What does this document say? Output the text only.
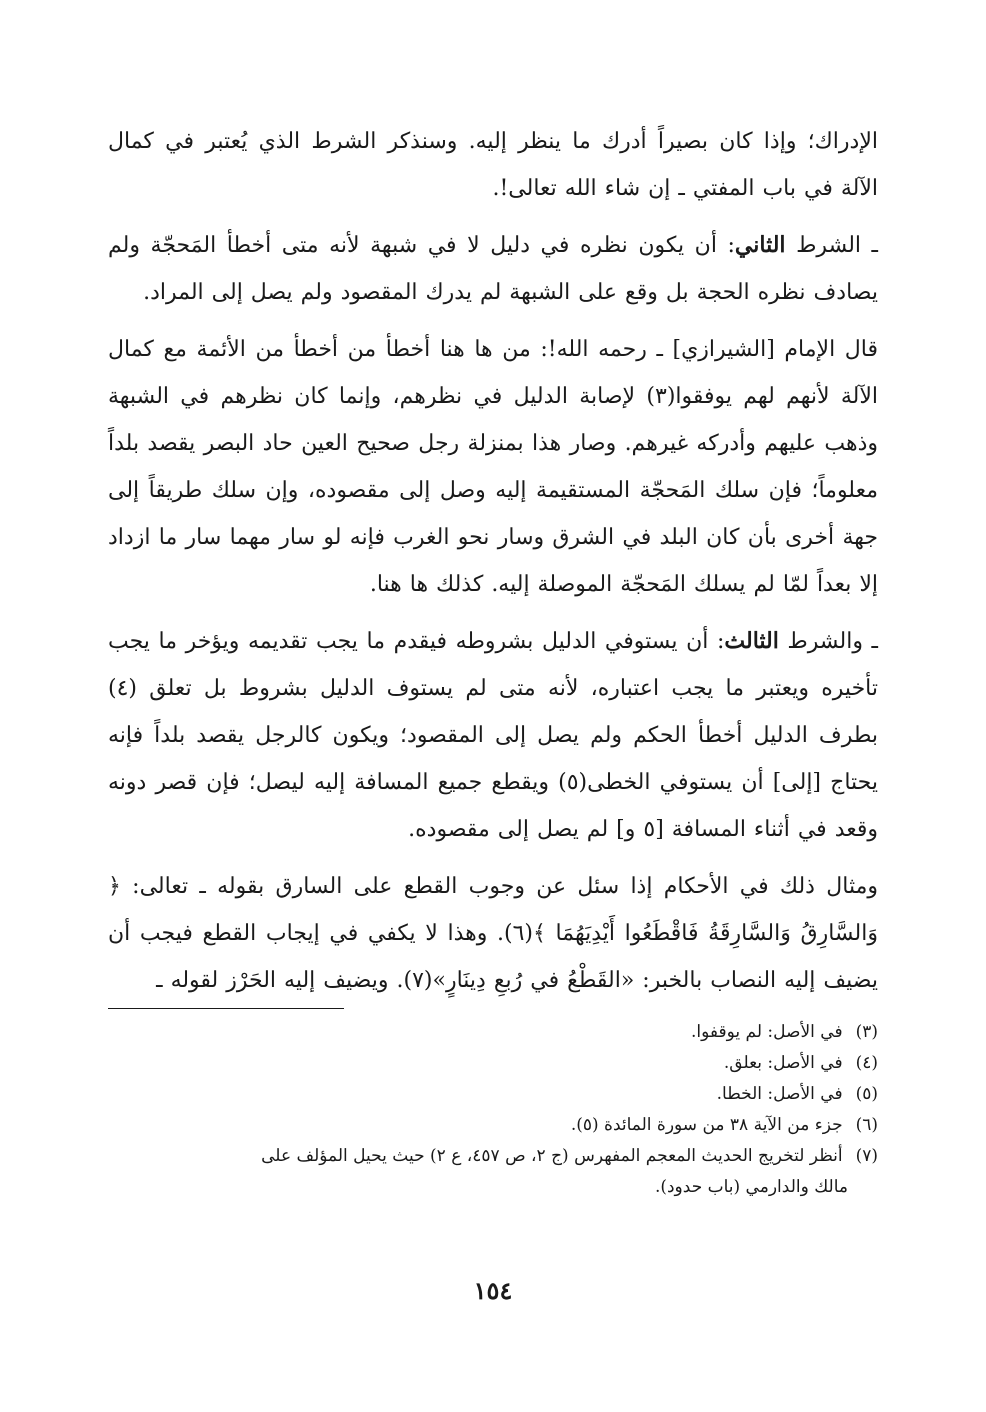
الإدراك؛ وإذا كان بصيراً أدرك ما ينظر إليه. وسنذكر الشرط الذي يُعتبر في كمال الآلة في باب المفتي ـ إن شاء الله تعالى!.

ـ الشرط الثاني: أن يكون نظره في دليل لا في شبهة لأنه متى أخطأ المَحجّة ولم يصادف نظره الحجة بل وقع على الشبهة لم يدرك المقصود ولم يصل إلى المراد.

قال الإمام [الشيرازي] ـ رحمه الله!: من ها هنا أخطأ من أخطأ من الأئمة مع كمال الآلة لأنهم لهم يوفقوا(٣) لإصابة الدليل في نظرهم، وإنما كان نظرهم في الشبهة وذهب عليهم وأدركه غيرهم. وصار هذا بمنزلة رجل صحيح العين حاد البصر يقصد بلداً معلوماً؛ فإن سلك المَحجّة المستقيمة إليه وصل إلى مقصوده، وإن سلك طريقاً إلى جهة أخرى بأن كان البلد في الشرق وسار نحو الغرب فإنه لو سار مهما سار ما ازداد إلا بعداً لمّا لم يسلك المَحجّة الموصلة إليه. كذلك ها هنا.

ـ والشرط الثالث: أن يستوفي الدليل بشروطه فيقدم ما يجب تقديمه ويؤخر ما يجب تأخيره ويعتبر ما يجب اعتباره، لأنه متى لم يستوف الدليل بشروط بل تعلق (٤) بطرف الدليل أخطأ الحكم ولم يصل إلى المقصود؛ ويكون كالرجل يقصد بلداً فإنه يحتاج [إلى] أن يستوفي الخطى(٥) ويقطع جميع المسافة إليه ليصل؛ فإن قصر دونه وقعد في أثناء المسافة [٥ و] لم يصل إلى مقصوده.

ومثال ذلك في الأحكام إذا سئل عن وجوب القطع على السارق بقوله ـ تعالى: ﴿ وَالسَّارِقُ وَالسَّارِقَةُ فَاقْطَعُوا أَيْدِيَهُمَا ﴾(٦). وهذا لا يكفي في إيجاب القطع فيجب أن يضيف إليه النصاب بالخبر: «القَطْعُ في رُبعِ دِينَارٍ»(٧). ويضيف إليه الحَرْز لقوله ـ

(٣) في الأصل: لم يوقفوا.

(٤) في الأصل: بعلق.

(٥) في الأصل: الخطا.

(٦) جزء من الآية ٣٨ من سورة المائدة (٥).

(٧) أنظر لتخريج الحديث المعجم المفهرس (ج ٢، ص ٤٥٧، ع ٢) حيث يحيل المؤلف على

مالك والدارمي (باب حدود).

١٥٤
